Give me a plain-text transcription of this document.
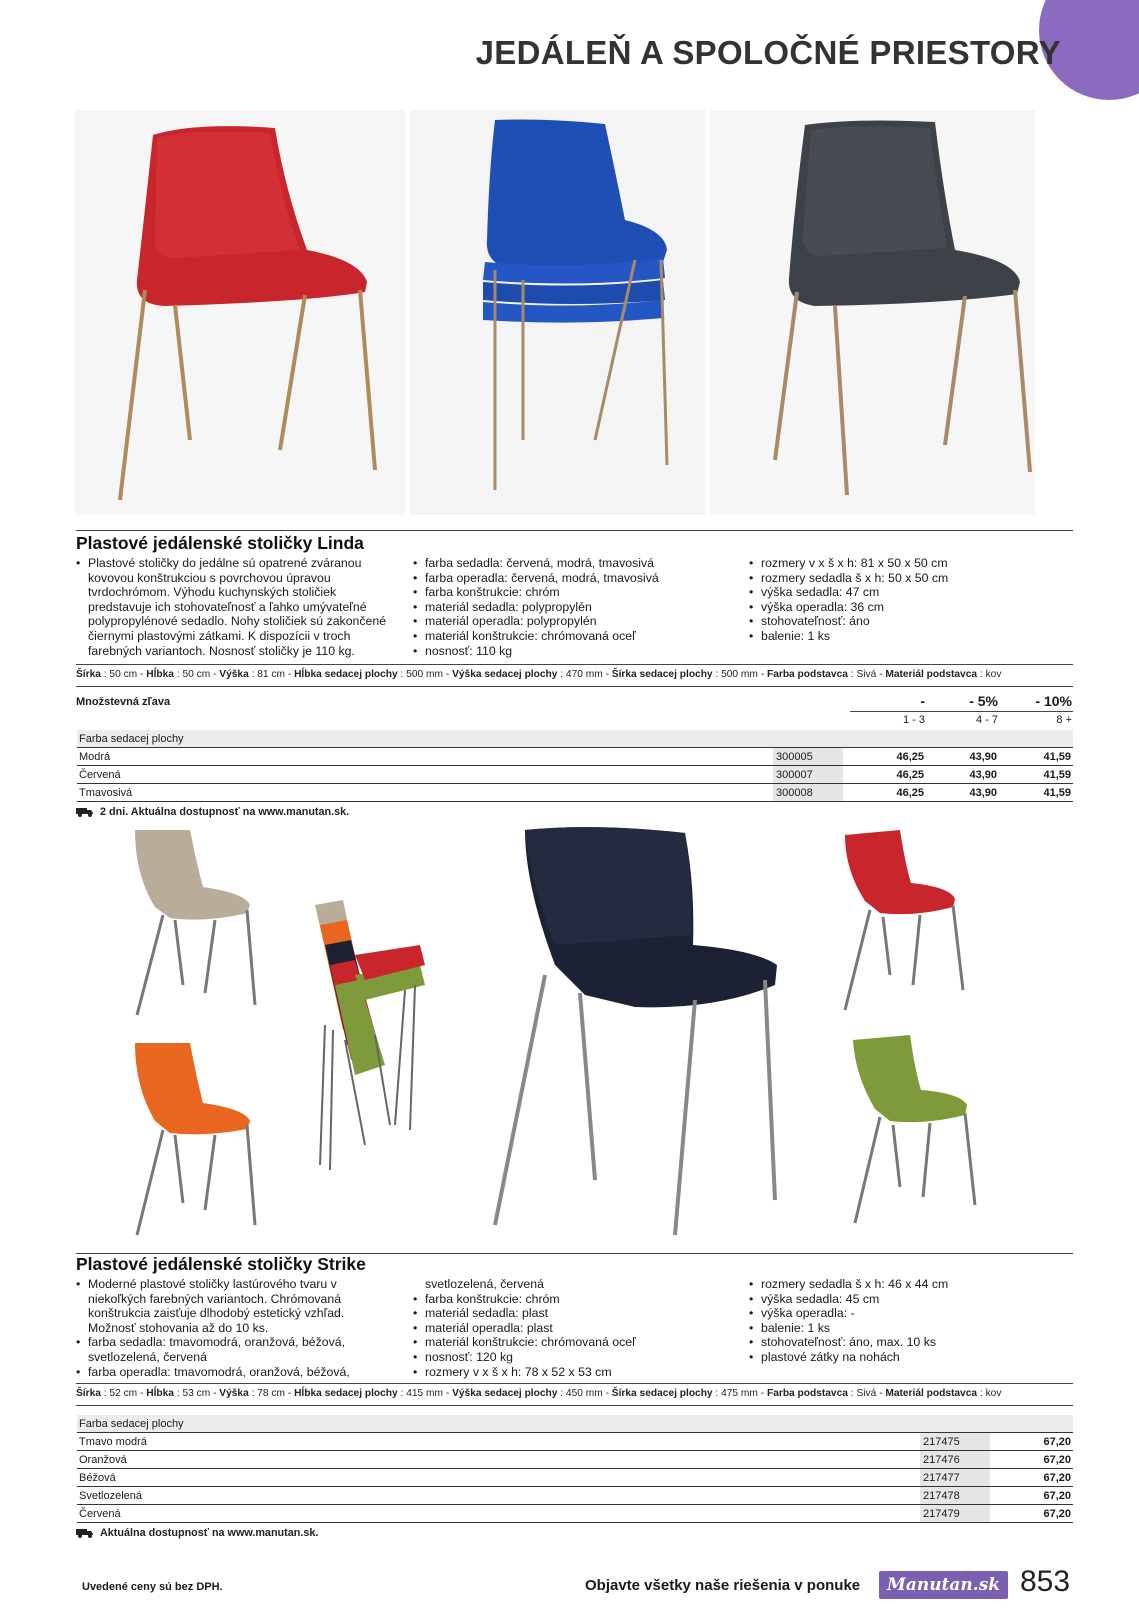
JEDÁLEŇ A SPOLOČNÉ PRIESTORY
Plastové jedálenské stoličky Linda
• Plastové stoličky do jedálne sú opatrené zváranou
kovovou konštrukciou s povrchovou úpravou
tvrdochrómom. Výhodu kuchynských stoličiek
predstavuje ich stohovateľnosť a ľahko umývateľné
polypropylénové sedadlo. Nohy stoličiek sú zakončené
čiernymi plastovými zátkami. K dispozícii v troch
farebných variantoch. Nosnosť stoličky je 110 kg.
• farba sedadla: červená, modrá, tmavosivá
• farba operadla: červená, modrá, tmavosivá
• farba konštrukcie: chróm
• materiál sedadla: polypropylén
• materiál operadla: polypropylén
• materiál konštrukcie: chrómovaná oceľ
• nosnosť: 110 kg
• rozmery v x š x h: 81 x 50 x 50 cm
• rozmery sedadla š x h: 50 x 50 cm
• výška sedadla: 47 cm
• výška operadla: 36 cm
• stohovateľnosť: áno
• balenie: 1 ks
Šírka : 50 cm - Hĺbka : 50 cm - Výška : 81 cm - Hĺbka sedacej plochy : 500 mm - Výška sedacej plochy : 470 mm - Šírka sedacej plochy : 500 mm - Farba podstavca : Sivá - Materiál podstavca : kov
Množstevná zľava	-	- 5%	- 10%
1 - 3	4 - 7	8 +
Farba sedacej plochy
Modrá	300005	46,25	43,90	41,59
Červená	300007	46,25	43,90	41,59
Tmavosivá	300008	46,25	43,90	41,59
2 dni. Aktuálna dostupnosť na www.manutan.sk.
Plastové jedálenské stoličky Strike
• Moderné plastové stoličky lastúrového tvaru v
niekoľkých farebných variantoch. Chrómovaná
konštrukcia zaisťuje dlhodobý estetický vzhľad.
Možnosť stohovania až do 10 ks.
• farba sedadla: tmavomodrá, oranžová, béžová,
svetlozelená, červená
• farba operadla: tmavomodrá, oranžová, béžová,
svetlozelená, červená
• farba konštrukcie: chróm
• materiál sedadla: plast
• materiál operadla: plast
• materiál konštrukcie: chrómovaná oceľ
• nosnosť: 120 kg
• rozmery v x š x h: 78 x 52 x 53 cm
• rozmery sedadla š x h: 46 x 44 cm
• výška sedadla: 45 cm
• výška operadla: -
• balenie: 1 ks
• stohovateľnosť: áno, max. 10 ks
• plastové zátky na nohách
Šírka : 52 cm - Hĺbka : 53 cm - Výška : 78 cm - Hĺbka sedacej plochy : 415 mm - Výška sedacej plochy : 450 mm - Šírka sedacej plochy : 475 mm - Farba podstavca : Sivá - Materiál podstavca : kov
Farba sedacej plochy
Tmavo modrá	217475	67,20
Oranžová	217476	67,20
Béžová	217477	67,20
Svetlozelená	217478	67,20
Červená	217479	67,20
Aktuálna dostupnosť na www.manutan.sk.
Uvedené ceny sú bez DPH.	Objavte všetky naše riešenia v ponuke	Manutan.sk 853
